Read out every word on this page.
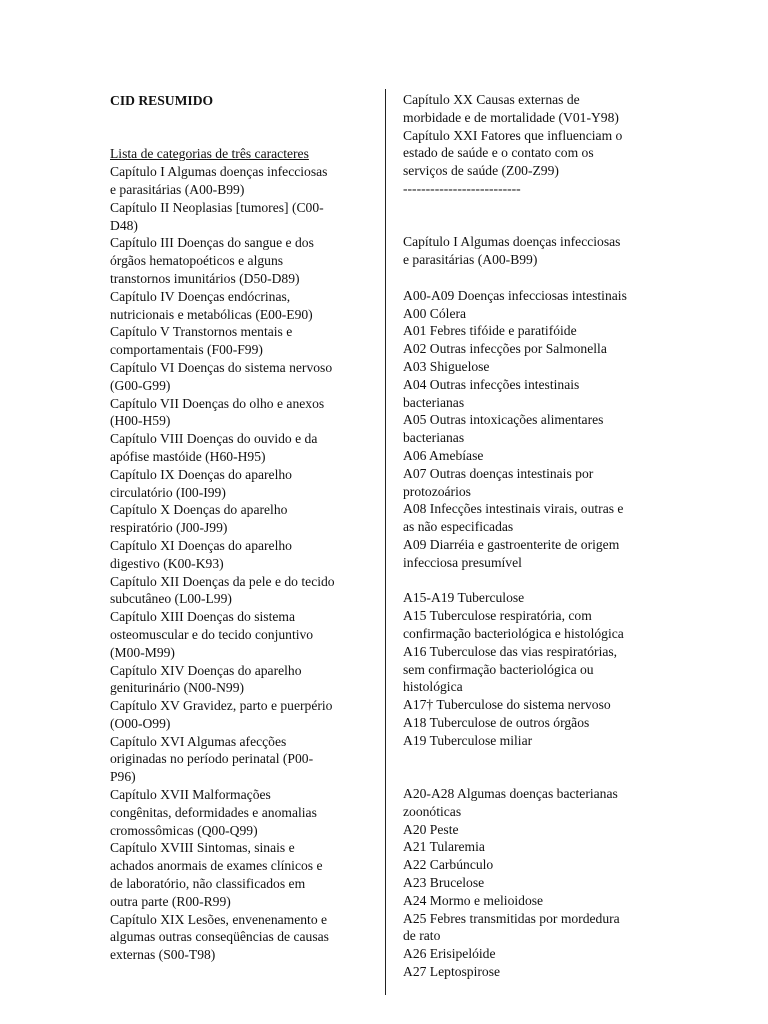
CID RESUMIDO
Lista de categorias de três caracteres
Capítulo I Algumas doenças infecciosas
e parasitárias (A00-B99)
Capítulo II Neoplasias [tumores] (C00-
D48)
Capítulo III Doenças do sangue e dos
órgãos hematopoéticos e alguns
transtornos imunitários (D50-D89)
Capítulo IV Doenças endócrinas,
nutricionais e metabólicas (E00-E90)
Capítulo V Transtornos mentais e
comportamentais (F00-F99)
Capítulo VI Doenças do sistema nervoso
(G00-G99)
Capítulo VII Doenças do olho e anexos
(H00-H59)
Capítulo VIII Doenças do ouvido e da
apófise mastóide (H60-H95)
Capítulo IX Doenças do aparelho
circulatório (I00-I99)
Capítulo X Doenças do aparelho
respiratório (J00-J99)
Capítulo XI Doenças do aparelho
digestivo (K00-K93)
Capítulo XII Doenças da pele e do tecido
subcutâneo (L00-L99)
Capítulo XIII Doenças do sistema
osteomuscular e do tecido conjuntivo
(M00-M99)
Capítulo XIV Doenças do aparelho
geniturinário (N00-N99)
Capítulo XV Gravidez, parto e puerpério
(O00-O99)
Capítulo XVI Algumas afecções
originadas no período perinatal (P00-
P96)
Capítulo XVII Malformações
congênitas, deformidades e anomalias
cromossômicas (Q00-Q99)
Capítulo XVIII Sintomas, sinais e
achados anormais de exames clínicos e
de laboratório, não classificados em
outra parte (R00-R99)
Capítulo XIX Lesões, envenenamento e
algumas outras conseqüências de causas
externas (S00-T98)
Capítulo XX Causas externas de
morbidade e de mortalidade (V01-Y98)
Capítulo XXI Fatores que influenciam o
estado de saúde e o contato com os
serviços de saúde (Z00-Z99)
--------------------------
Capítulo I Algumas doenças infecciosas
e parasitárias (A00-B99)
A00-A09 Doenças infecciosas intestinais
A00 Cólera
A01 Febres tifóide e paratifóide
A02 Outras infecções por Salmonella
A03 Shiguelose
A04 Outras infecções intestinais
bacterianas
A05 Outras intoxicações alimentares
bacterianas
A06 Amebíase
A07 Outras doenças intestinais por
protozoários
A08 Infecções intestinais virais, outras e
as não especificadas
A09 Diarréia e gastroenterite de origem
infecciosa presumível
A15-A19 Tuberculose
A15 Tuberculose respiratória, com
confirmação bacteriológica e histológica
A16 Tuberculose das vias respiratórias,
sem confirmação bacteriológica ou
histológica
A17† Tuberculose do sistema nervoso
A18 Tuberculose de outros órgãos
A19 Tuberculose miliar
A20-A28 Algumas doenças bacterianas
zoonóticas
A20 Peste
A21 Tularemia
A22 Carbúnculo
A23 Brucelose
A24 Mormo e melioidose
A25 Febres transmitidas por mordedura
de rato
A26 Erisipelóide
A27 Leptospirose
